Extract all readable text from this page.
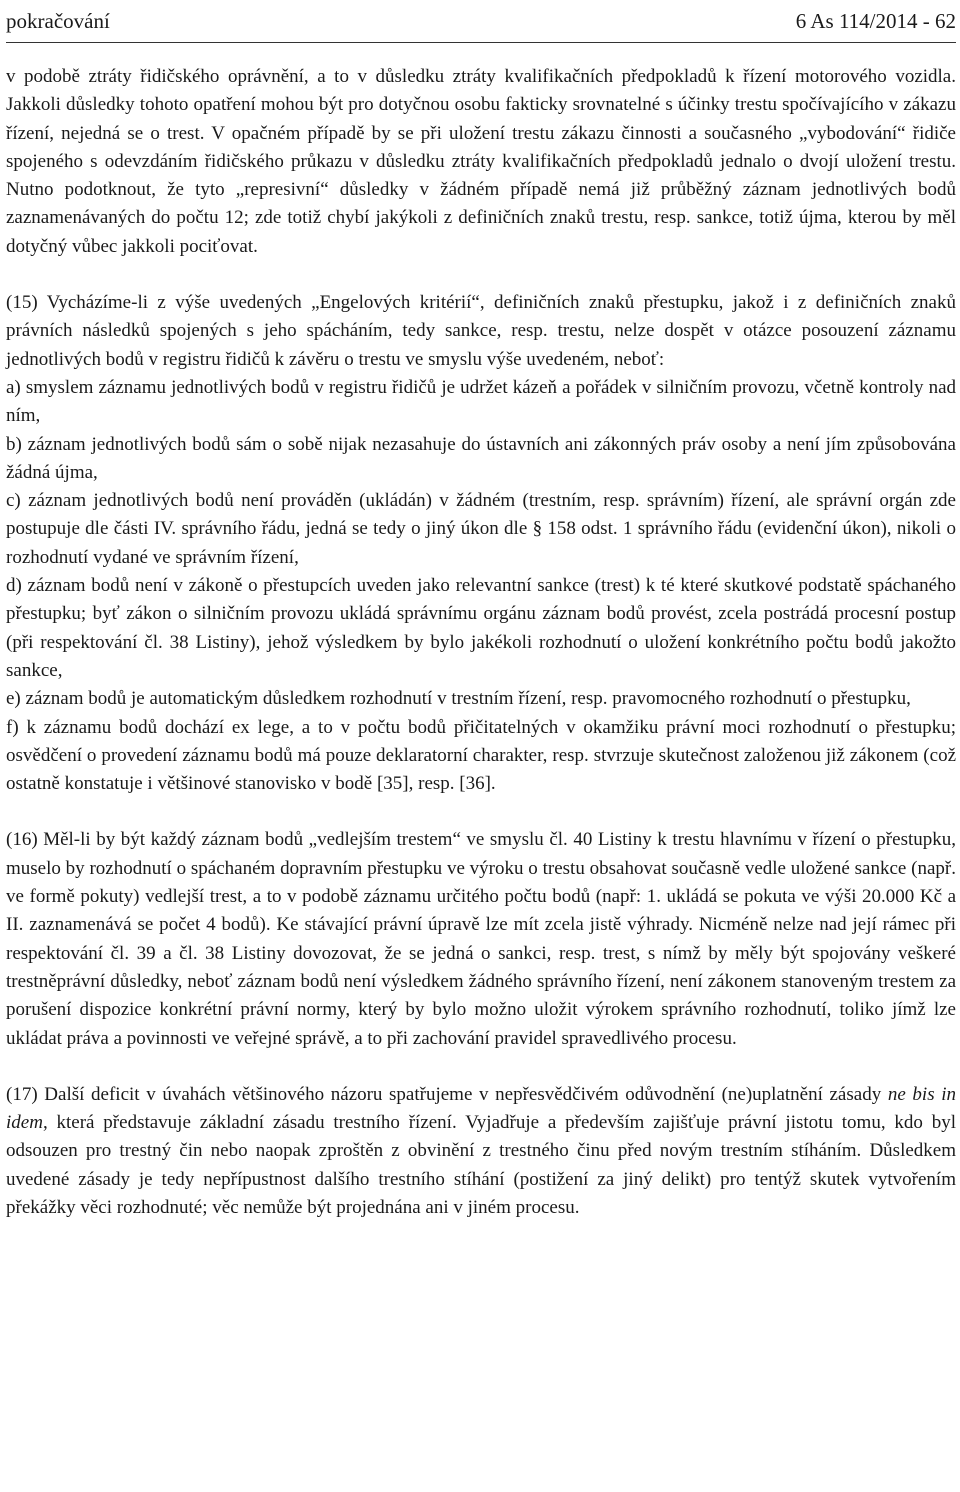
pokračování	6 As 114/2014 - 62

v podobě ztráty řidičského oprávnění, a to v důsledku ztráty kvalifikačních předpokladů k řízení motorového vozidla. Jakkoli důsledky tohoto opatření mohou být pro dotyčnou osobu fakticky srovnatelné s účinky trestu spočívajícího v zákazu řízení, nejedná se o trest. V opačném případě by se při uložení trestu zákazu činnosti a současného „vybodování“ řidiče spojeného s odevzdáním řidičského průkazu v důsledku ztráty kvalifikačních předpokladů jednalo o dvojí uložení trestu. Nutno podotknout, že tyto „represivní“ důsledky v žádném případě nemá již průběžný záznam jednotlivých bodů zaznamenávaných do počtu 12; zde totiž chybí jakýkoli z definičních znaků trestu, resp. sankce, totiž újma, kterou by měl dotyčný vůbec jakkoli pociťovat.

(15) Vycházíme-li z výše uvedených „Engelových kritérií“, definičních znaků přestupku, jakož i z definičních znaků právních následků spojených s jeho spácháním, tedy sankce, resp. trestu, nelze dospět v otázce posouzení záznamu jednotlivých bodů v registru řidičů k závěru o trestu ve smyslu výše uvedeném, neboť:

a) smyslem záznamu jednotlivých bodů v registru řidičů je udržet kázeň a pořádek v silničním provozu, včetně kontroly nad ním,

b) záznam jednotlivých bodů sám o sobě nijak nezasahuje do ústavních ani zákonných práv osoby a není jím způsobována žádná újma,

c) záznam jednotlivých bodů není prováděn (ukládán) v žádném (trestním, resp. správním) řízení, ale správní orgán zde postupuje dle části IV. správního řádu, jedná se tedy o jiný úkon dle § 158 odst. 1 správního řádu (evidenční úkon), nikoli o rozhodnutí vydané ve správním řízení,

d) záznam bodů není v zákoně o přestupcích uveden jako relevantní sankce (trest) k té které skutkové podstatě spáchaného přestupku; byť zákon o silničním provozu ukládá správnímu orgánu záznam bodů provést, zcela postrádá procesní postup (při respektování čl. 38 Listiny), jehož výsledkem by bylo jakékoli rozhodnutí o uložení konkrétního počtu bodů jakožto sankce,

e) záznam bodů je automatickým důsledkem rozhodnutí v trestním řízení, resp. pravomocného rozhodnutí o přestupku,

f) k záznamu bodů dochází ex lege, a to v počtu bodů přičitatelných v okamžiku právní moci rozhodnutí o přestupku; osvědčení o provedení záznamu bodů má pouze deklaratorní charakter, resp. stvrzuje skutečnost založenou již zákonem (což ostatně konstatuje i většinové stanovisko v bodě [35], resp. [36].

(16) Měl-li by být každý záznam bodů „vedlejším trestem“ ve smyslu čl. 40 Listiny k trestu hlavnímu v řízení o přestupku, muselo by rozhodnutí o spáchaném dopravním přestupku ve výroku o trestu obsahovat současně vedle uložené sankce (např. ve formě pokuty) vedlejší trest, a to v podobě záznamu určitého počtu bodů (např: 1. ukládá se pokuta ve výši 20.000 Kč a II. zaznamenává se počet 4 bodů). Ke stávající právní úpravě lze mít zcela jistě výhrady. Nicméně nelze nad její rámec při respektování čl. 39 a čl. 38 Listiny dovozovat, že se jedná o sankci, resp. trest, s nímž by měly být spojovány veškeré trestněprávní důsledky, neboť záznam bodů není výsledkem žádného správního řízení, není zákonem stanoveným trestem za porušení dispozice konkrétní právní normy, který by bylo možno uložit výrokem správního rozhodnutí, toliko jímž lze ukládat práva a povinnosti ve veřejné správě, a to při zachování pravidel spravedlivého procesu.

(17) Další deficit v úvahách většinového názoru spatřujeme v nepřesvědčivém odůvodnění (ne)uplatnění zásady ne bis in idem, která představuje základní zásadu trestního řízení. Vyjadřuje a především zajišťuje právní jistotu tomu, kdo byl odsouzen pro trestný čin nebo naopak zproštěn z obvinění z trestného činu před novým trestním stíháním. Důsledkem uvedené zásady je tedy nepřípustnost dalšího trestního stíhání (postižení za jiný delikt) pro tentýž skutek vytvořením překážky věci rozhodnuté; věc nemůže být projednána ani v jiném procesu.
